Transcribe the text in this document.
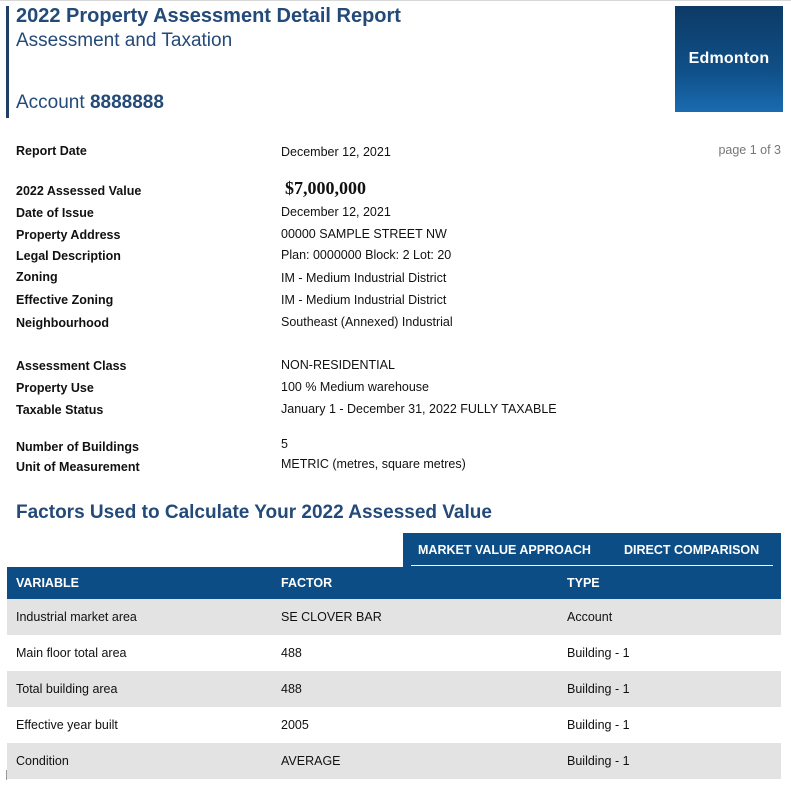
2022 Property Assessment Detail Report
Assessment and Taxation
Account 8888888
Edmonton
Report Date	December 12, 2021	page 1 of 3
2022 Assessed Value	$7,000,000
Date of Issue	December 12, 2021
Property Address	00000 SAMPLE STREET NW
Legal Description	Plan: 0000000 Block: 2 Lot: 20
Zoning	IM - Medium Industrial District
Effective Zoning	IM - Medium Industrial District
Neighbourhood	Southeast (Annexed) Industrial
Assessment Class	NON-RESIDENTIAL
Property Use	100 % Medium warehouse
Taxable Status	January 1 - December 31, 2022 FULLY TAXABLE
Number of Buildings	5
Unit of Measurement	METRIC (metres, square metres)
Factors Used to Calculate Your 2022 Assessed Value
MARKET VALUE APPROACH	DIRECT COMPARISON
VARIABLE	FACTOR	TYPE
Industrial market area	SE CLOVER BAR	Account
Main floor total area	488	Building - 1
Total building area	488	Building - 1
Effective year built	2005	Building - 1
Condition	AVERAGE	Building - 1
